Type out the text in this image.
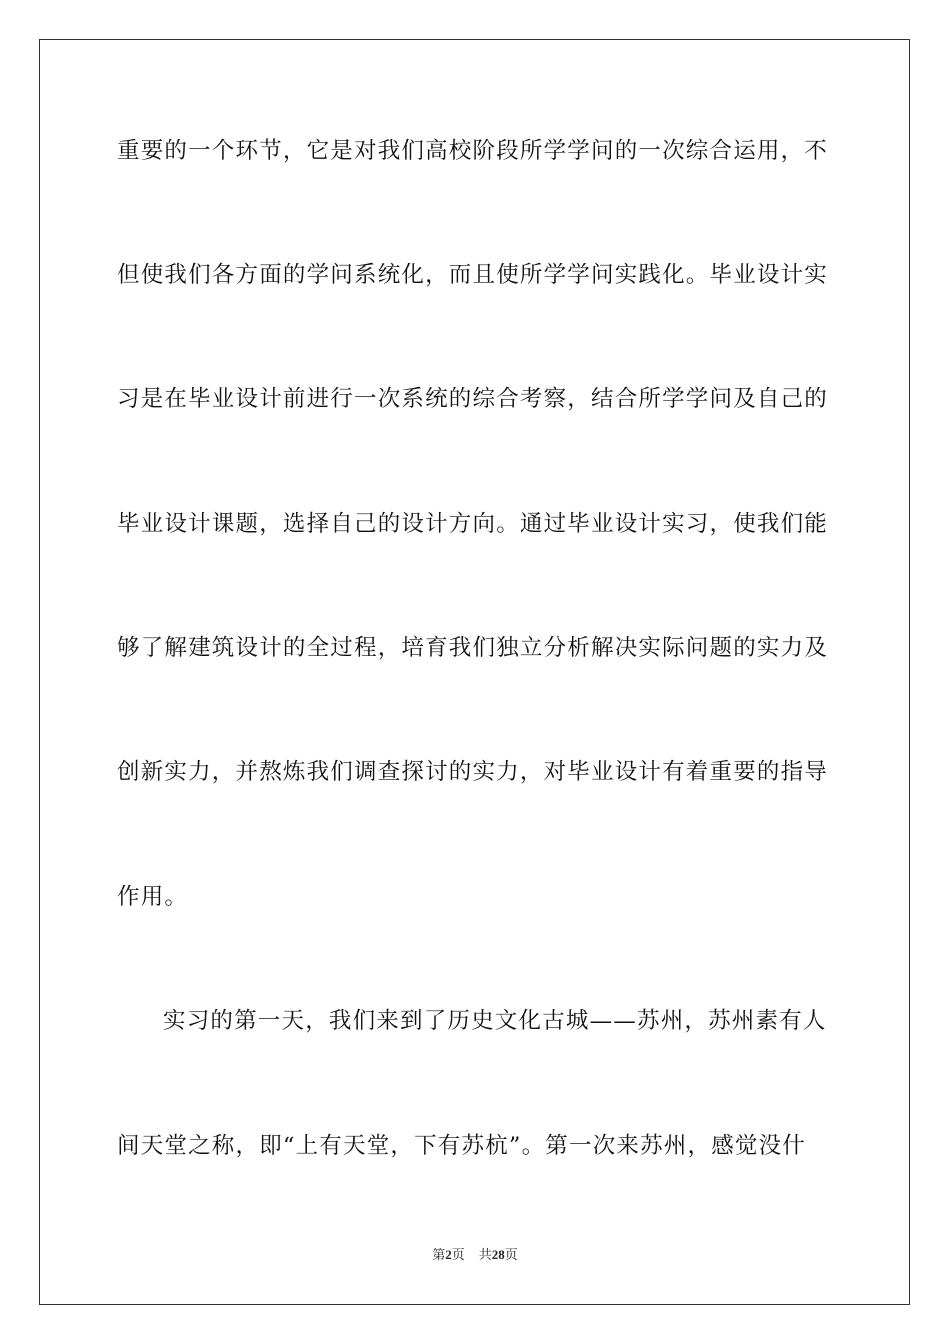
重要的一个环节，它是对我们高校阶段所学学问的一次综合运用，不
但使我们各方面的学问系统化，而且使所学学问实践化。毕业设计实
习是在毕业设计前进行一次系统的综合考察，结合所学学问及自己的
毕业设计课题，选择自己的设计方向。通过毕业设计实习，使我们能
够了解建筑设计的全过程，培育我们独立分析解决实际问题的实力及
创新实力，并熬炼我们调查探讨的实力，对毕业设计有着重要的指导
作用。
实习的第一天，我们来到了历史文化古城——苏州，苏州素有人
间天堂之称，即“上有天堂，下有苏杭”。第一次来苏州，感觉没什
第2页 共28页
